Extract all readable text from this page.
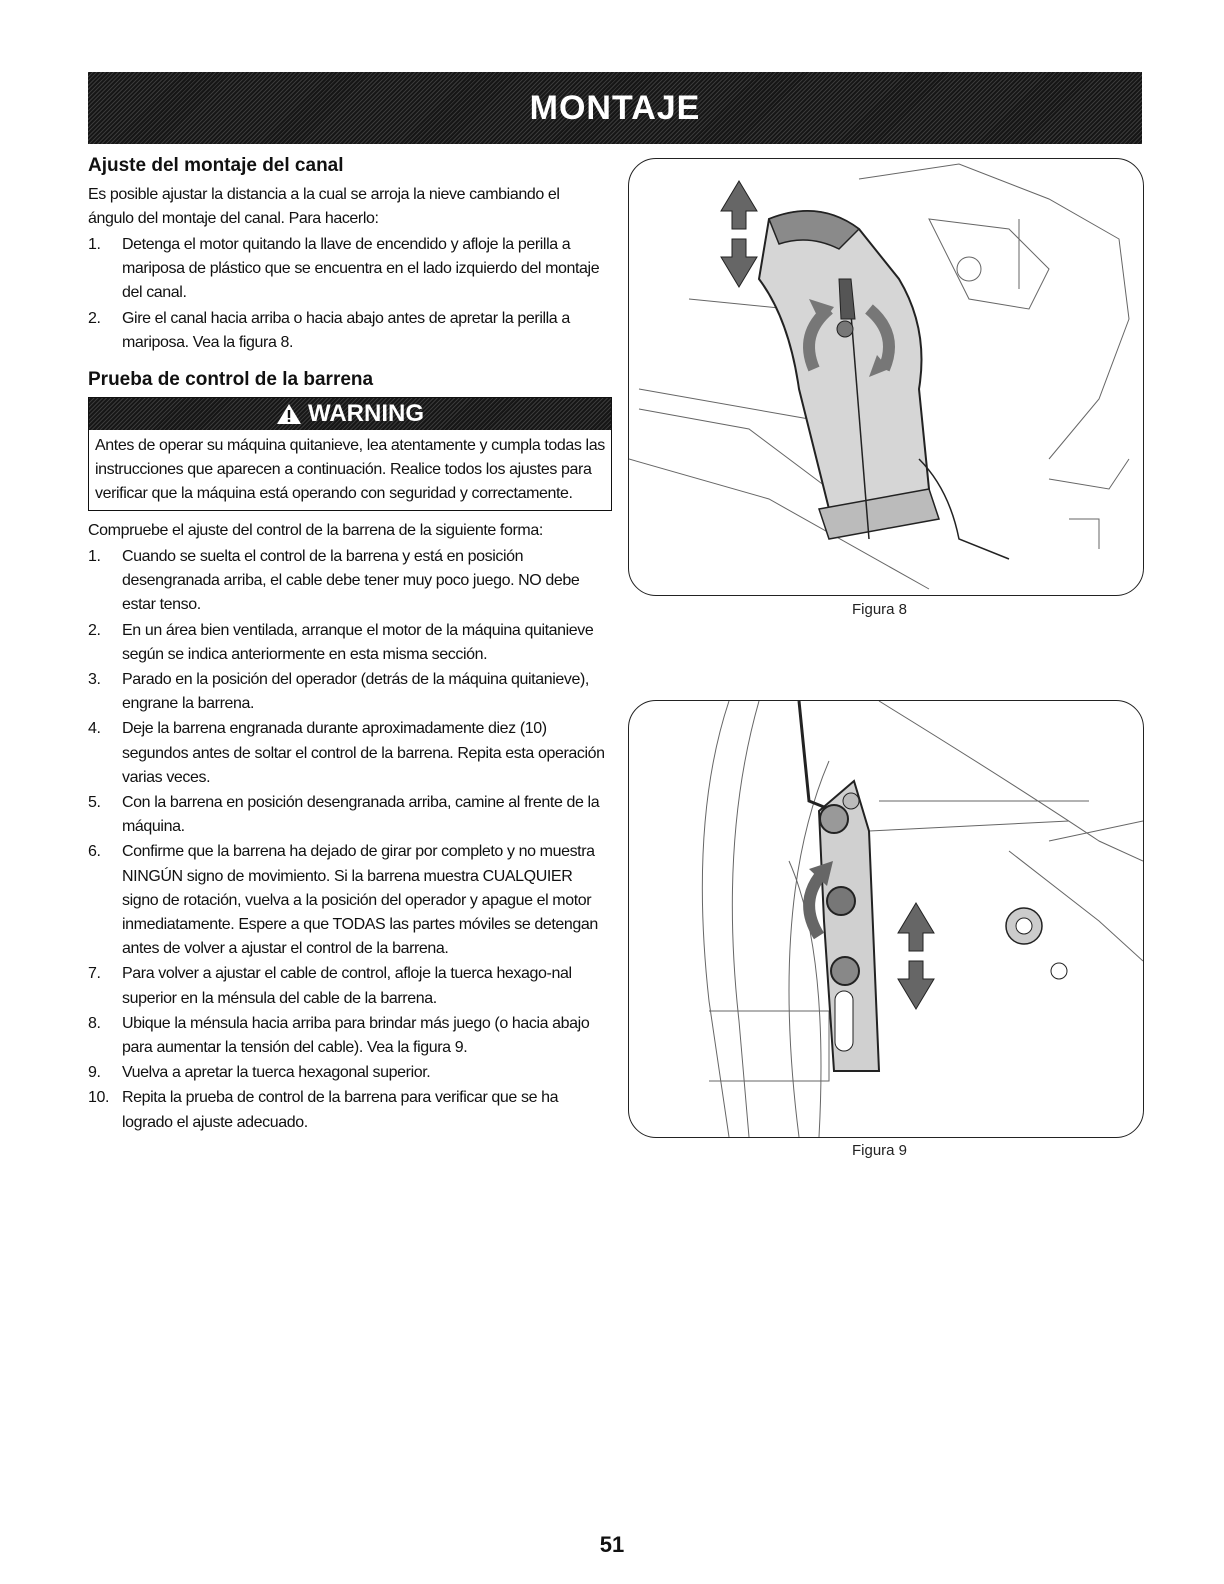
MONTAJE
Ajuste del montaje del canal

Es posible ajustar la distancia a la cual se arroja la nieve cambiando el ángulo del montaje del canal. Para hacerlo:

1.	Detenga el motor quitando la llave de encendido y afloje la perilla a mariposa de plástico que se encuentra en el lado izquierdo del montaje del canal.
2.	Gire el canal hacia arriba o hacia abajo antes de apretar la perilla a mariposa. Vea la figura 8.
Prueba de control de la barrena
WARNING
Antes de operar su máquina quitanieve, lea atentamente y cumpla todas las instrucciones que aparecen a continuación. Realice todos los ajustes para verificar que la máquina está operando con seguridad y correctamente.

Compruebe el ajuste del control de la barrena de la siguiente forma:

1.	Cuando se suelta el control de la barrena y está en posición desengranada arriba, el cable debe tener muy poco juego. NO debe estar tenso.
2.	En un área bien ventilada, arranque el motor de la máquina quitanieve según se indica anteriormente en esta misma sección.
3.	Parado en la posición del operador (detrás de la máquina quitanieve), engrane la barrena.
4.	Deje la barrena engranada durante aproximadamente diez (10) segundos antes de soltar el control de la barrena. Repita esta operación varias veces.
5.	Con la barrena en posición desengranada arriba, camine al frente de la máquina.
6.	Confirme que la barrena ha dejado de girar por completo y no muestra NINGÚN signo de movimiento. Si la barrena muestra CUALQUIER signo de rotación, vuelva a la posición del operador y apague el motor inmediatamente. Espere a que TODAS las partes móviles se detengan antes de volver a ajustar el control de la barrena.
7.	Para volver a ajustar el cable de control, afloje la tuerca hexago-nal superior en la ménsula del cable de la barrena.
8.	Ubique la ménsula hacia arriba para brindar más juego (o hacia abajo para aumentar la tensión del cable). Vea la figura 9.
9.	Vuelva a apretar la tuerca hexagonal superior.
10. Repita la prueba de control de la barrena para verificar que se ha logrado el ajuste adecuado.
Figura 8
Figura 9
51
